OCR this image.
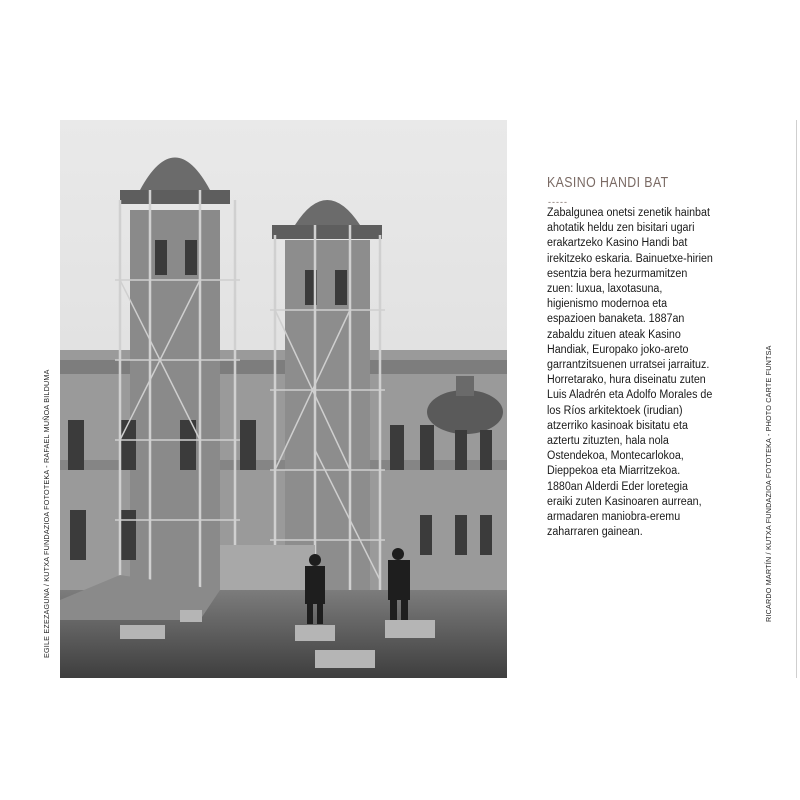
EGILE EZEZAGUNA / KUTXA FUNDAZIOA FOTOTEKA - RAFAEL MUÑOA BILDUMA
KASINO HANDI BAT
-----

Zabalgunea onetsi zenetik hainbat ahotatik heldu zen bisitari ugari erakartzeko Kasino Handi bat irekitzeko eskaria. Bainuetxe-hirien esentzia bera hezurmamitzen zuen: luxua, laxotasuna, higienismo modernoa eta espazioen banaketa. 1887an zabaldu zituen ateak Kasino Handiak, Europako joko-areto garrantzitsuenen urratsei jarraituz. Horretarako, hura diseinatu zuten Luis Aladrén eta Adolfo Morales de los Ríos arkitektoek (irudian) atzerriko kasinoak bisitatu eta aztertu zituzten, hala nola Ostendekoa, Montecarlokoa, Dieppekoa eta Miarritzekoa. 1880an Alderdi Eder loretegia eraiki zuten Kasinoaren aurrean, armadaren maniobra-eremu zaharraren gainean.	RICARDO MARTÍN / KUTXA FUNDAZIOA FOTOTEKA - PHOTO CARTE FUNTSA
